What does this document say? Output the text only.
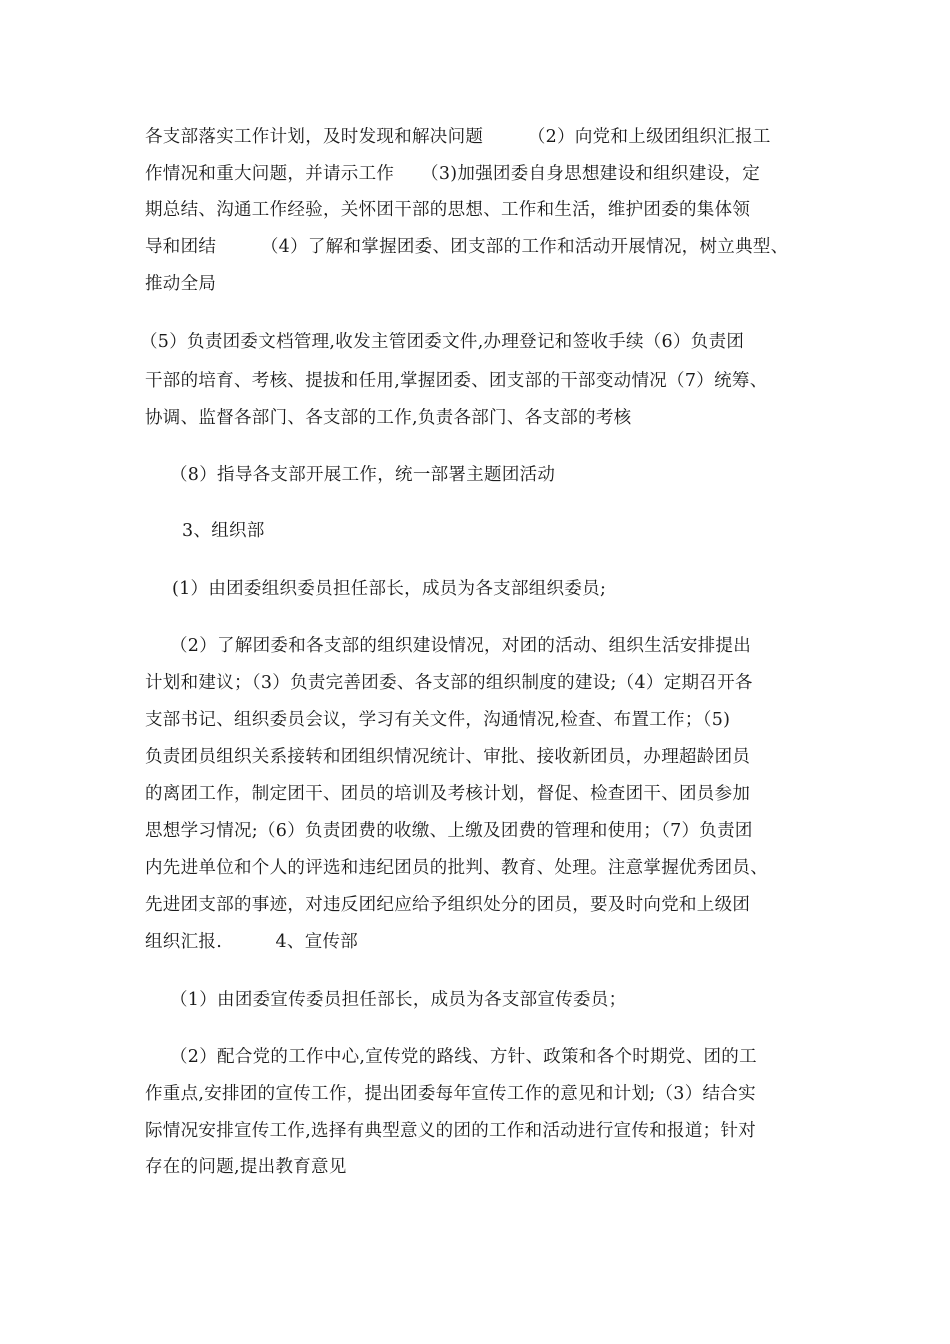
各支部落实工作计划，及时发现和解决问题　　　（2）向党和上级团组织汇报工
作情况和重大问题，并请示工作　　（3)加强团委自身思想建设和组织建设，定
期总结、沟通工作经验，关怀团干部的思想、工作和生活，维护团委的集体领
导和团结　　　（4）了解和掌握团委、团支部的工作和活动开展情况，树立典型、
推动全局
（5）负责团委文档管理,收发主管团委文件,办理登记和签收手续（6）负责团
干部的培育、考核、提拔和任用,掌握团委、团支部的干部变动情况（7）统筹、
协调、监督各部门、各支部的工作,负责各部门、各支部的考核
（8）指导各支部开展工作，统一部署主题团活动
3、组织部
(1）由团委组织委员担任部长，成员为各支部组织委员;
（2）了解团委和各支部的组织建设情况，对团的活动、组织生活安排提出
计划和建议；（3）负责完善团委、各支部的组织制度的建设;（4）定期召开各
支部书记、组织委员会议，学习有关文件，沟通情况,检查、布置工作；（5)
负责团员组织关系接转和团组织情况统计、审批、接收新团员，办理超龄团员
的离团工作，制定团干、团员的培训及考核计划，督促、检查团干、团员参加
思想学习情况;（6）负责团费的收缴、上缴及团费的管理和使用；（7）负责团
内先进单位和个人的评选和违纪团员的批判、教育、处理。注意掌握优秀团员、
先进团支部的事迹，对违反团纪应给予组织处分的团员，要及时向党和上级团
组织汇报.　　　4、宣传部
（1）由团委宣传委员担任部长，成员为各支部宣传委员；
（2）配合党的工作中心,宣传党的路线、方针、政策和各个时期党、团的工
作重点,安排团的宣传工作，提出团委每年宣传工作的意见和计划;（3）结合实
际情况安排宣传工作,选择有典型意义的团的工作和活动进行宣传和报道；针对
存在的问题,提出教育意见
